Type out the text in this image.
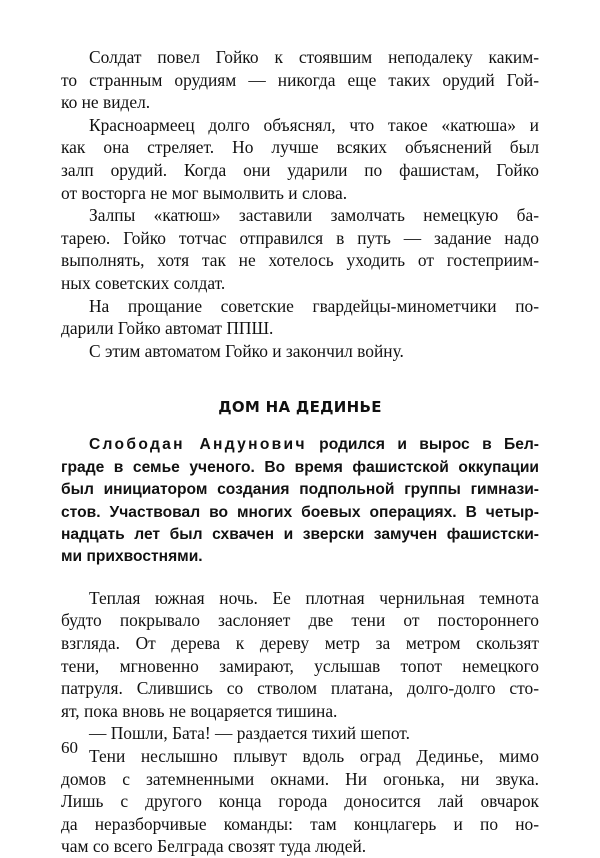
Солдат повел Гойко к стоявшим неподалеку каким-
то странным орудиям — никогда еще таких орудий Гой-
ко не видел.

Красноармеец долго объяснял, что такое «катюша» и
как она стреляет. Но лучше всяких объяснений был
залп орудий. Когда они ударили по фашистам, Гойко
от восторга не мог вымолвить и слова.

Залпы «катюш» заставили замолчать немецкую ба-
тарею. Гойко тотчас отправился в путь — задание надо
выполнять, хотя так не хотелось уходить от гостеприим-
ных советских солдат.

На прощание советские гвардейцы-минометчики по-
дарили Гойко автомат ППШ.

С этим автоматом Гойко и закончил войну.

ДОМ НА ДЕДИНЬЕ

Слободан Андунович родился и вырос в Бел-
граде в семье ученого. Во время фашистской оккупации
был инициатором создания подпольной группы гимнази-
стов. Участвовал во многих боевых операциях. В четыр-
надцать лет был схвачен и зверски замучен фашистски-
ми прихвостнями.

Теплая южная ночь. Ее плотная чернильная темнота
будто покрывало заслоняет две тени от постороннего
взгляда. От дерева к дереву метр за метром скользят
тени, мгновенно замирают, услышав топот немецкого
патруля. Слившись со стволом платана, долго-долго сто-
ят, пока вновь не воцаряется тишина.

— Пошли, Бата! — раздается тихий шепот.

Тени неслышно плывут вдоль оград Дединье, мимо
домов с затемненными окнами. Ни огонька, ни звука.
Лишь с другого конца города доносится лай овчарок
да неразборчивые команды: там концлагерь и по но-
чам со всего Белграда свозят туда людей.

60
